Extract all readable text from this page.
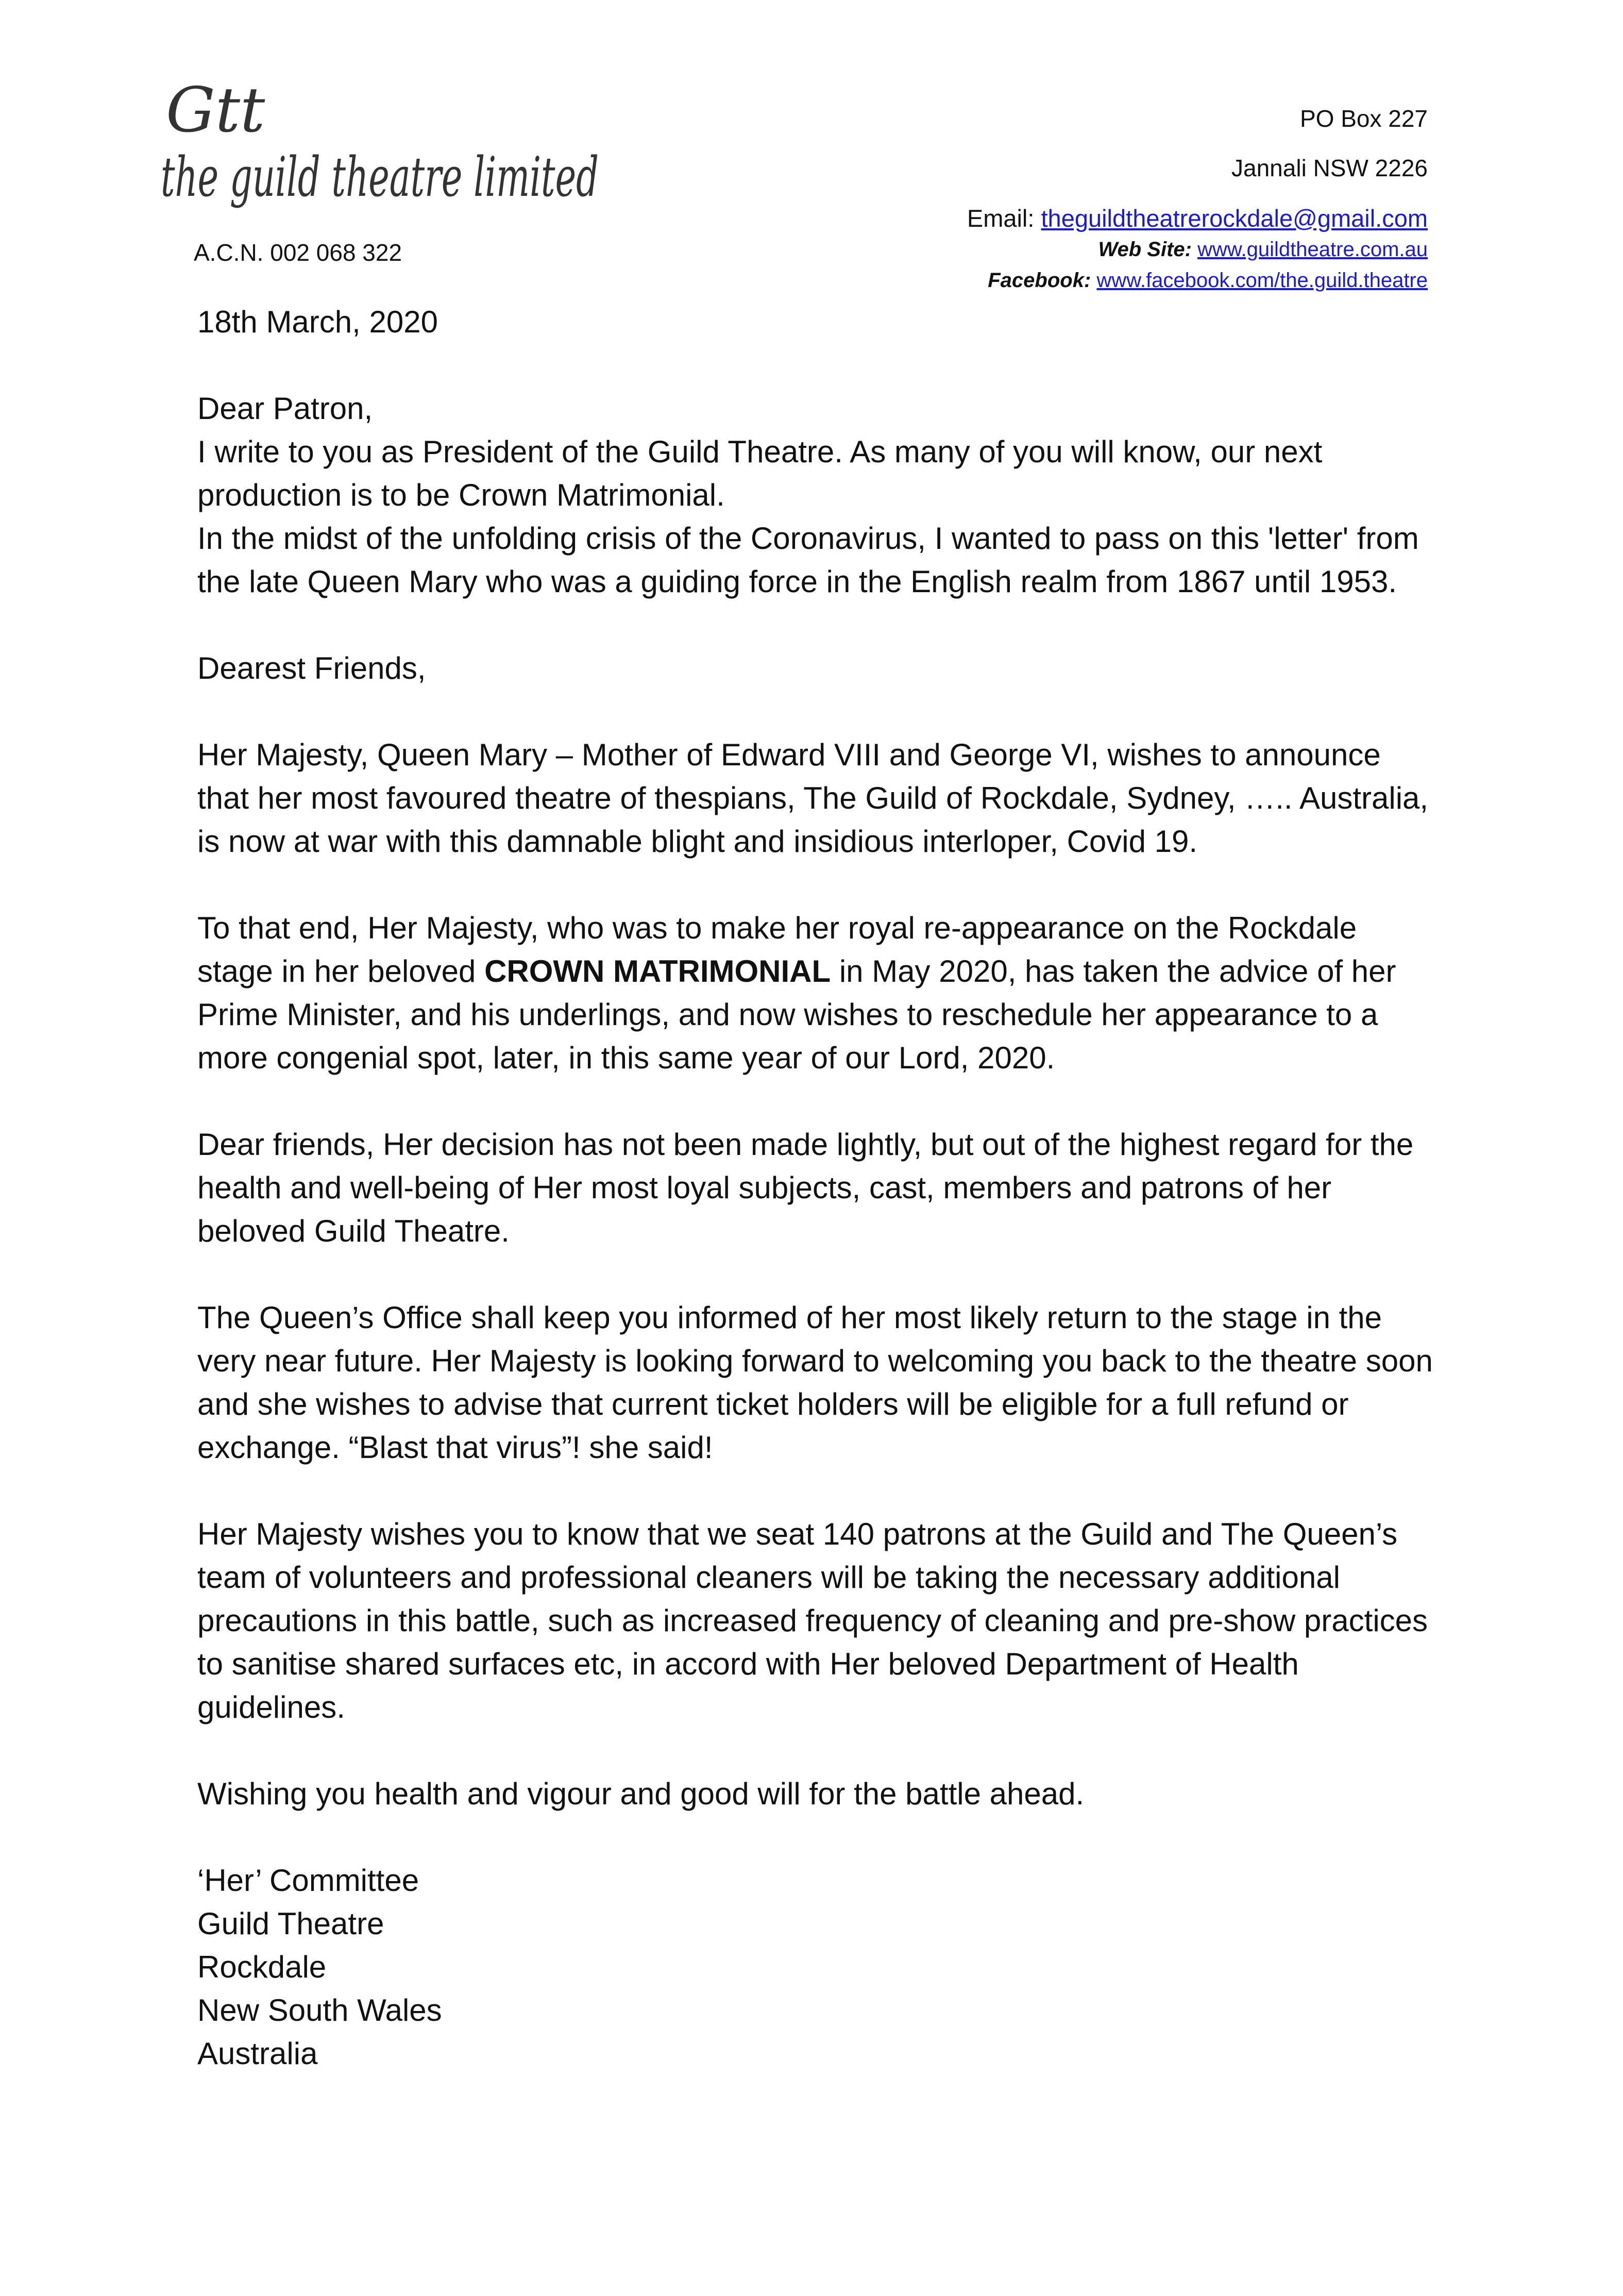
Gtt
the guild theatre limited
A.C.N. 002 068 322
PO Box 227
Jannali NSW 2226
Email: theguildtheatrerockdale@gmail.com
Web Site: www.guildtheatre.com.au
Facebook: www.facebook.com/the.guild.theatre

18th March, 2020

Dear Patron,

I write to you as President of the Guild Theatre. As many of you will know, our next production is to be Crown Matrimonial.

In the midst of the unfolding crisis of the Coronavirus, I wanted to pass on this 'letter' from the late Queen Mary who was a guiding force in the English realm from 1867 until 1953.

Dearest Friends,

Her Majesty, Queen Mary – Mother of Edward VIII and George VI, wishes to announce that her most favoured theatre of thespians, The Guild of Rockdale, Sydney, ….. Australia, is now at war with this damnable blight and insidious interloper, Covid 19.

To that end, Her Majesty, who was to make her royal re-appearance on the Rockdale stage in her beloved CROWN MATRIMONIAL in May 2020, has taken the advice of her Prime Minister, and his underlings, and now wishes to reschedule her appearance to a more congenial spot, later, in this same year of our Lord, 2020.

Dear friends, Her decision has not been made lightly, but out of the highest regard for the health and well-being of Her most loyal subjects, cast, members and patrons of her beloved Guild Theatre.

The Queen’s Office shall keep you informed of her most likely return to the stage in the very near future. Her Majesty is looking forward to welcoming you back to the theatre soon and she wishes to advise that current ticket holders will be eligible for a full refund or exchange. “Blast that virus”! she said!

Her Majesty wishes you to know that we seat 140 patrons at the Guild and The Queen’s team of volunteers and professional cleaners will be taking the necessary additional precautions in this battle, such as increased frequency of cleaning and pre-show practices to sanitise shared surfaces etc, in accord with Her beloved Department of Health guidelines.

Wishing you health and vigour and good will for the battle ahead.

‘Her’ Committee

Guild Theatre

Rockdale

New South Wales

Australia
